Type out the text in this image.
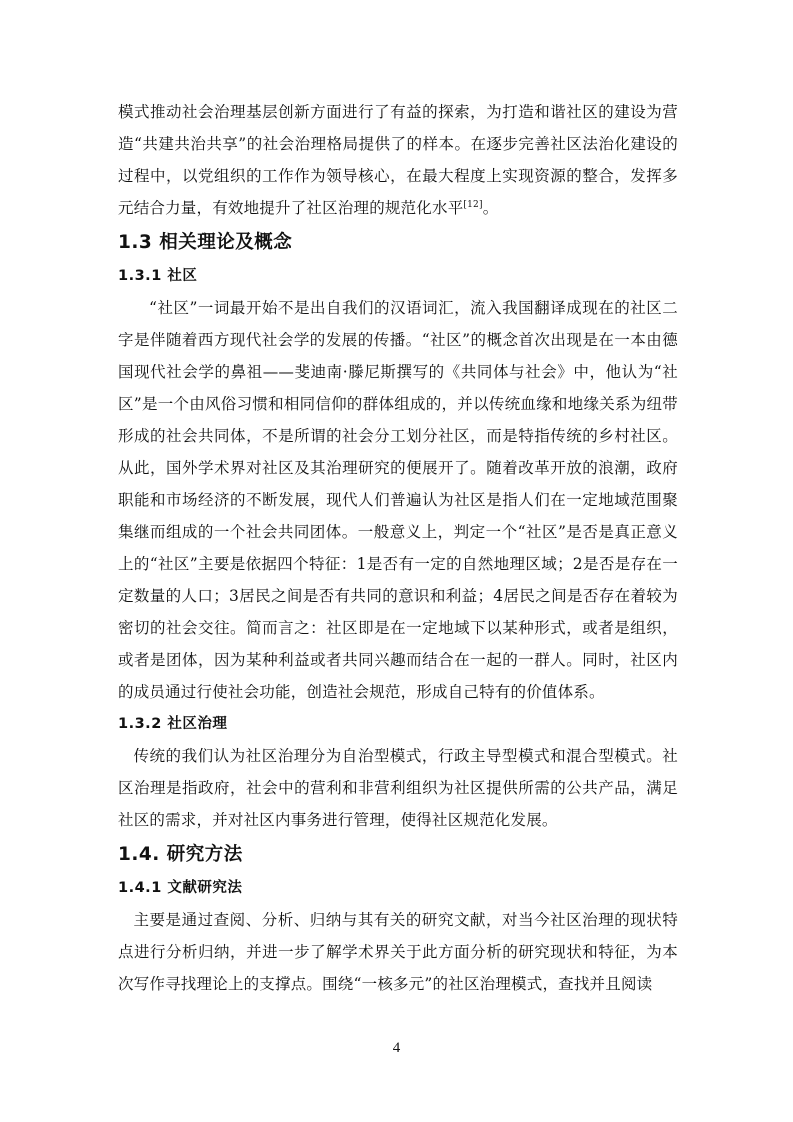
模式推动社会治理基层创新方面进行了有益的探索，为打造和谐社区的建设为营造“共建共治共享”的社会治理格局提供了的样本。在逐步完善社区法治化建设的过程中，以党组织的工作作为领导核心，在最大程度上实现资源的整合，发挥多元结合力量，有效地提升了社区治理的规范化水平[12]。

1.3 相关理论及概念
1.3.1 社区

“社区”一词最开始不是出自我们的汉语词汇，流入我国翻译成现在的社区二字是伴随着西方现代社会学的发展的传播。“社区”的概念首次出现是在一本由德国现代社会学的鼻祖——斐迪南·滕尼斯撰写的《共同体与社会》中，他认为“社区”是一个由风俗习惯和相同信仰的群体组成的，并以传统血缘和地缘关系为纽带形成的社会共同体，不是所谓的社会分工划分社区，而是特指传统的乡村社区。从此，国外学术界对社区及其治理研究的便展开了。随着改革开放的浪潮，政府职能和市场经济的不断发展，现代人们普遍认为社区是指人们在一定地域范围聚集继而组成的一个社会共同团体。一般意义上，判定一个“社区”是否是真正意义上的“社区”主要是依据四个特征：1是否有一定的自然地理区域；2是否是存在一定数量的人口；3居民之间是否有共同的意识和利益；4居民之间是否存在着较为密切的社会交往。简而言之：社区即是在一定地域下以某种形式，或者是组织，或者是团体，因为某种利益或者共同兴趣而结合在一起的一群人。同时，社区内的成员通过行使社会功能，创造社会规范，形成自己特有的价值体系。

1.3.2 社区治理

传统的我们认为社区治理分为自治型模式，行政主导型模式和混合型模式。社区治理是指政府，社会中的营利和非营利组织为社区提供所需的公共产品，满足社区的需求，并对社区内事务进行管理，使得社区规范化发展。

1.4. 研究方法
1.4.1 文献研究法

主要是通过查阅、分析、归纳与其有关的研究文献，对当今社区治理的现状特点进行分析归纳，并进一步了解学术界关于此方面分析的研究现状和特征，为本次写作寻找理论上的支撑点。围绕“一核多元”的社区治理模式，查找并且阅读

4
